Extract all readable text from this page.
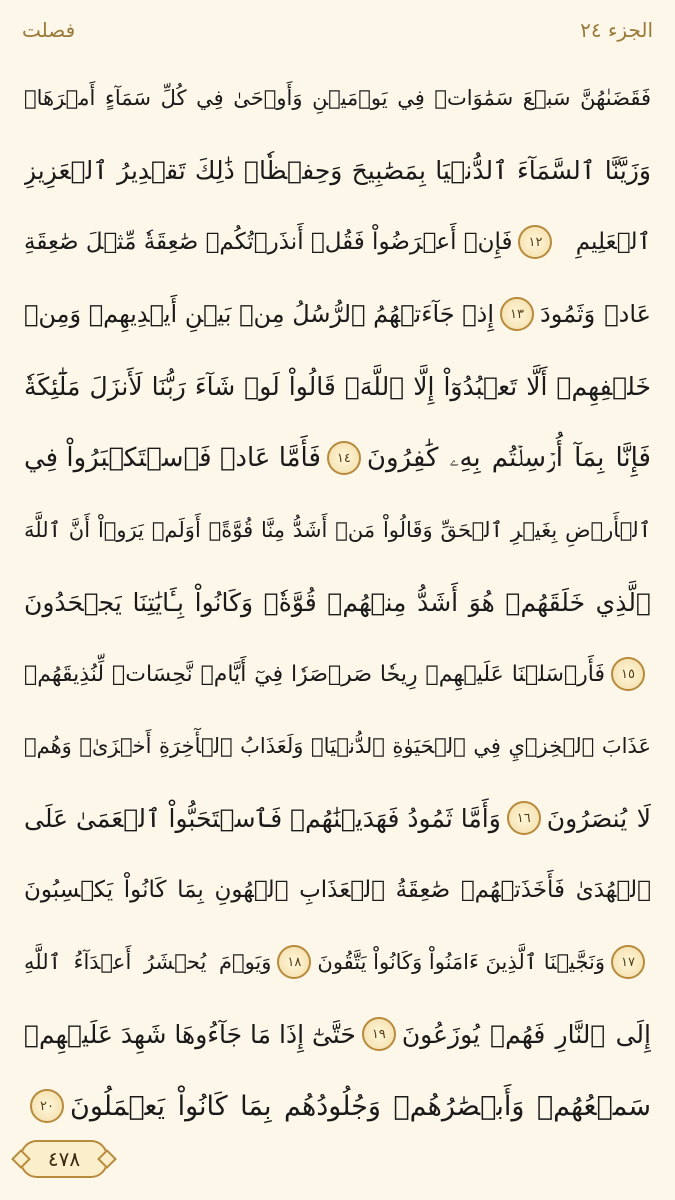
فصلت	الجزء ٢٤
فَقَضَىٰهُنَّ سَبۡعَ سَمَٰوَاتٖ فِي يَوۡمَيۡنِ وَأَوۡحَىٰ فِي كُلِّ سَمَآءٍ أَمۡرَهَاۚ
وَزَيَّنَّا ٱلسَّمَآءَ ٱلدُّنۡيَا بِمَصَٰبِيحَ وَحِفۡظٗاۚ ذَٰلِكَ تَقۡدِيرُ ٱلۡعَزِيزِ
ٱلۡعَلِيمِ
١٢
فَإِنۡ أَعۡرَضُواْ فَقُلۡ أَنذَرۡتُكُمۡ صَٰعِقَةٗ مِّثۡلَ صَٰعِقَةِ
عَادٖ وَثَمُودَ
١٣
إِذۡ جَآءَتۡهُمُ ٱلرُّسُلُ مِنۢ بَيۡنِ أَيۡدِيهِمۡ وَمِنۡ
خَلۡفِهِمۡ أَلَّا تَعۡبُدُوٓاْ إِلَّا ٱللَّهَۖ قَالُواْ لَوۡ شَآءَ رَبُّنَا لَأَنزَلَ مَلَٰٓئِكَةٗ
فَإِنَّا بِمَآ أُرۡسِلۡتُم بِهِۦ كَٰفِرُونَ
١٤
فَأَمَّا عَادٞ فَٱسۡتَكۡبَرُواْ فِي
ٱلۡأَرۡضِ بِغَيۡرِ ٱلۡحَقِّ وَقَالُواْ مَنۡ أَشَدُّ مِنَّا قُوَّةًۖ أَوَلَمۡ يَرَوۡاْ أَنَّ ٱللَّهَ
ٱلَّذِي خَلَقَهُمۡ هُوَ أَشَدُّ مِنۡهُمۡ قُوَّةٗۖ وَكَانُواْ بِـَٔايَٰتِنَا يَجۡحَدُونَ
١٥
فَأَرۡسَلۡنَا عَلَيۡهِمۡ رِيحٗا صَرۡصَرٗا فِيٓ أَيَّامٖ نَّحِسَاتٖ لِّنُذِيقَهُمۡ
عَذَابَ ٱلۡخِزۡيِ فِي ٱلۡحَيَوٰةِ ٱلدُّنۡيَاۖ وَلَعَذَابُ ٱلۡأٓخِرَةِ أَخۡزَىٰۖ وَهُمۡ
لَا يُنصَرُونَ
١٦
وَأَمَّا ثَمُودُ فَهَدَيۡنَٰهُمۡ فَٱسۡتَحَبُّواْ ٱلۡعَمَىٰ عَلَى
ٱلۡهُدَىٰ فَأَخَذَتۡهُمۡ صَٰعِقَةُ ٱلۡعَذَابِ ٱلۡهُونِ بِمَا كَانُواْ يَكۡسِبُونَ
١٧
وَنَجَّيۡنَا ٱلَّذِينَ ءَامَنُواْ وَكَانُواْ يَتَّقُونَ
١٨
وَيَوۡمَ يُحۡشَرُ أَعۡدَآءُ ٱللَّهِ
إِلَى ٱلنَّارِ فَهُمۡ يُوزَعُونَ
١٩
حَتَّىٰٓ إِذَا مَا جَآءُوهَا شَهِدَ عَلَيۡهِمۡ
سَمۡعُهُمۡ وَأَبۡصَٰرُهُمۡ وَجُلُودُهُم بِمَا كَانُواْ يَعۡمَلُونَ
٢٠
٤٧٨
